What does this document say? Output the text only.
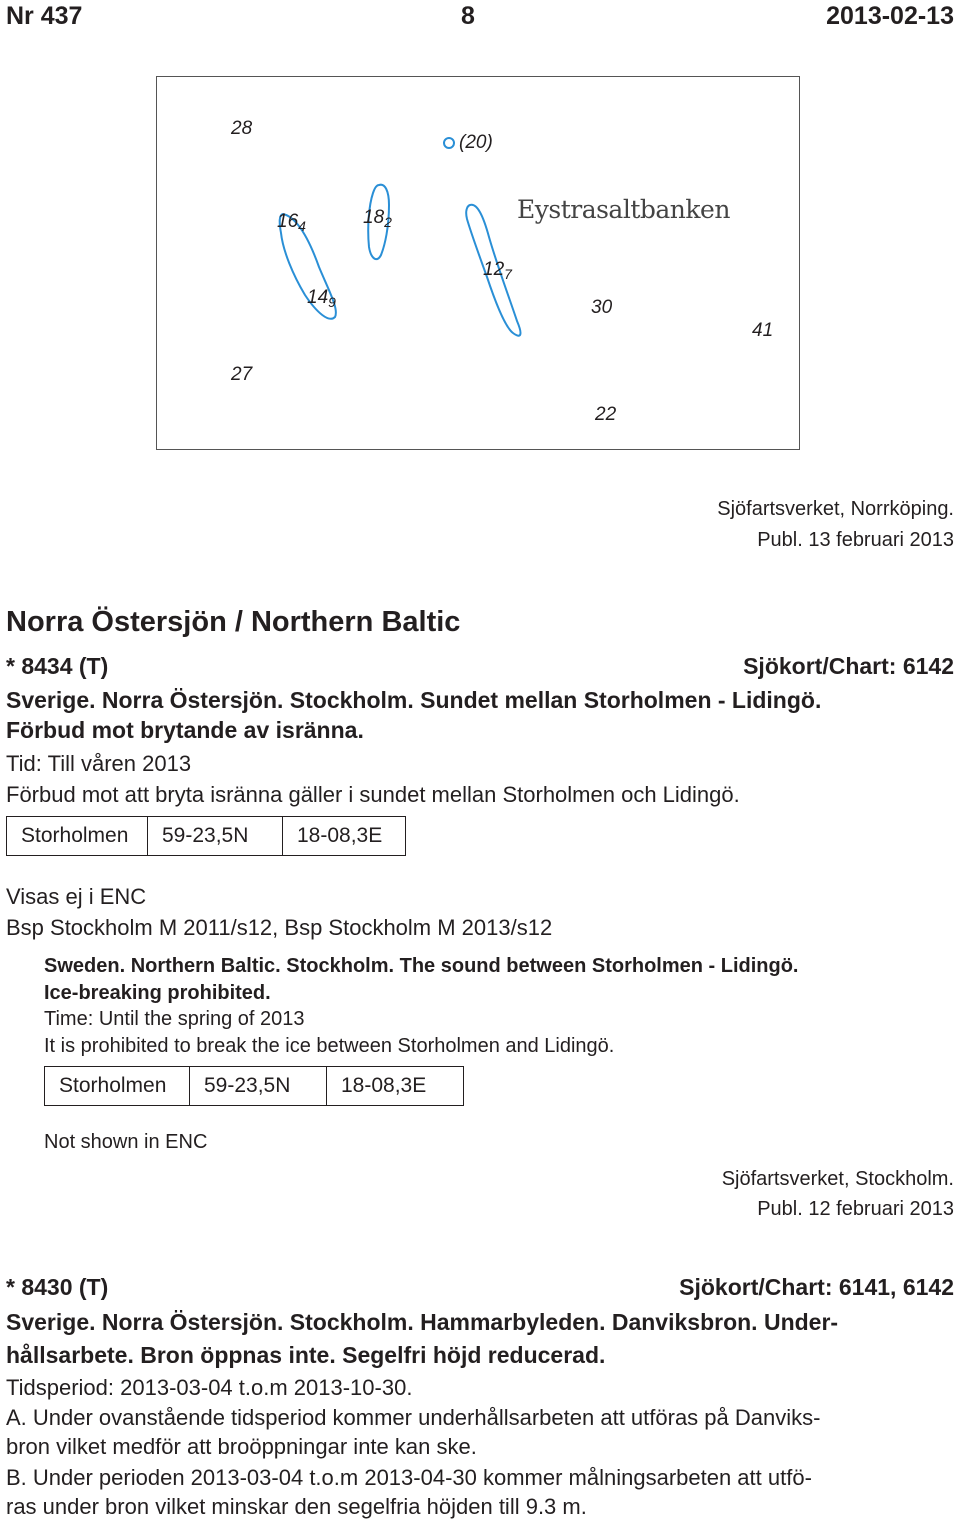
Nr 437	8	2013-02-13
28
(20)
$16_4$	$18_2$
$12_7$
$14_9$	30
41
27
22
Eystrasaltbanken
Sjöfartsverket, Norrköping.
Publ. 13 februari 2013
Norra Östersjön / Northern Baltic
* 8434 (T)	Sjökort/Chart: 6142
Sverige. Norra Östersjön. Stockholm. Sundet mellan Storholmen - Lidingö.
Förbud mot brytande av isränna.
Tid: Till våren 2013
Förbud mot att bryta isränna gäller i sundet mellan Storholmen och Lidingö.
Storholmen	59-23,5N	18-08,3E
Visas ej i ENC
Bsp Stockholm M 2011/s12, Bsp Stockholm M 2013/s12
Sweden. Northern Baltic. Stockholm. The sound between Storholmen - Lidingö.
Ice-breaking prohibited.
Time: Until the spring of 2013
It is prohibited to break the ice between Storholmen and Lidingö.
Storholmen	59-23,5N	18-08,3E
Not shown in ENC
Sjöfartsverket, Stockholm.
Publ. 12 februari 2013
* 8430 (T)	Sjökort/Chart: 6141, 6142
Sverige. Norra Östersjön. Stockholm. Hammarbyleden. Danviksbron. Under-
hållsarbete. Bron öppnas inte. Segelfri höjd reducerad.
Tidsperiod: 2013-03-04 t.o.m 2013-10-30.
A. Under ovanstående tidsperiod kommer underhållsarbeten att utföras på Danviks-
bron vilket medför att broöppningar inte kan ske.
B. Under perioden 2013-03-04 t.o.m 2013-04-30 kommer målningsarbeten att utfö-
ras under bron vilket minskar den segelfria höjden till 9.3 m.
